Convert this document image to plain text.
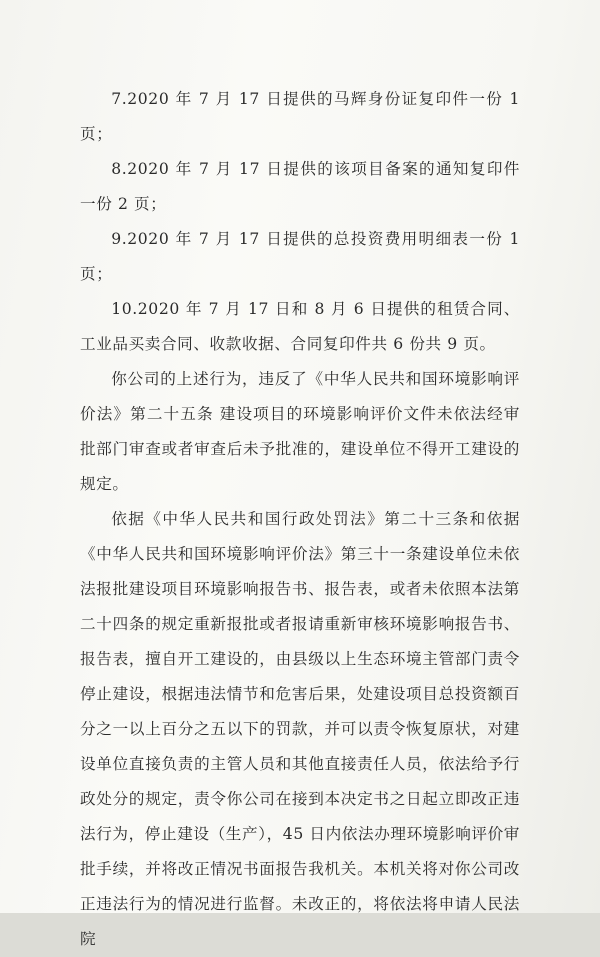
7.2020 年 7 月 17 日提供的马辉身份证复印件一份 1 页；

8.2020 年 7 月 17 日提供的该项目备案的通知复印件一份 2 页；

9.2020 年 7 月 17 日提供的总投资费用明细表一份 1 页；

10.2020 年 7 月 17 日和 8 月 6 日提供的租赁合同、工业品买卖合同、收款收据、合同复印件共 6 份共 9 页。

你公司的上述行为，违反了《中华人民共和国环境影响评价法》第二十五条 建设项目的环境影响评价文件未依法经审批部门审查或者审查后未予批准的，建设单位不得开工建设的规定。

依据《中华人民共和国行政处罚法》第二十三条和依据《中华人民共和国环境影响评价法》第三十一条建设单位未依法报批建设项目环境影响报告书、报告表，或者未依照本法第二十四条的规定重新报批或者报请重新审核环境影响报告书、报告表，擅自开工建设的，由县级以上生态环境主管部门责令停止建设，根据违法情节和危害后果，处建设项目总投资额百分之一以上百分之五以下的罚款，并可以责令恢复原状，对建设单位直接负责的主管人员和其他直接责任人员，依法给予行政处分的规定，责令你公司在接到本决定书之日起立即改正违法行为，停止建设（生产），45 日内依法办理环境影响评价审批手续，并将改正情况书面报告我机关。本机关将对你公司改正违法行为的情况进行监督。未改正的，将依法将申请人民法院
